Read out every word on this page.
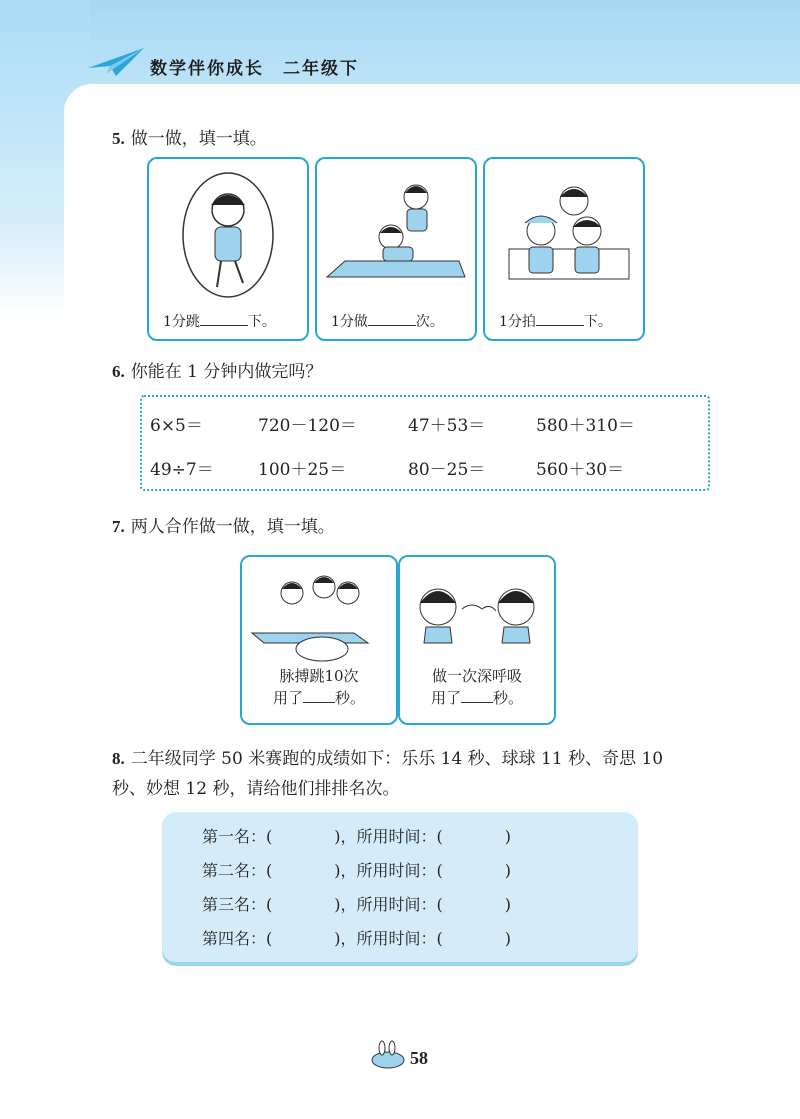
数学伴你成长　二年级下
5. 做一做，填一填。
1分跳	下。	1分做	次。	1分拍	下。
6. 你能在 1 分钟内做完吗？
6×5＝	720－120＝	47＋53＝	580＋310＝
49÷7＝	100＋25＝	80－25＝	560＋30＝
7. 两人合作做一做，填一填。
脉搏跳10次
用了 秒。
做一次深呼吸
用了 秒。
8. 二年级同学 50 米赛跑的成绩如下：乐乐 14 秒、球球 11 秒、奇思 10 秒、妙想 12 秒，请给他们排排名次。
第一名：(	)，所用时间：(	)
第二名：(	)，所用时间：(	)
第三名：(	)，所用时间：(	)
第四名：(	)，所用时间：(	)
58
